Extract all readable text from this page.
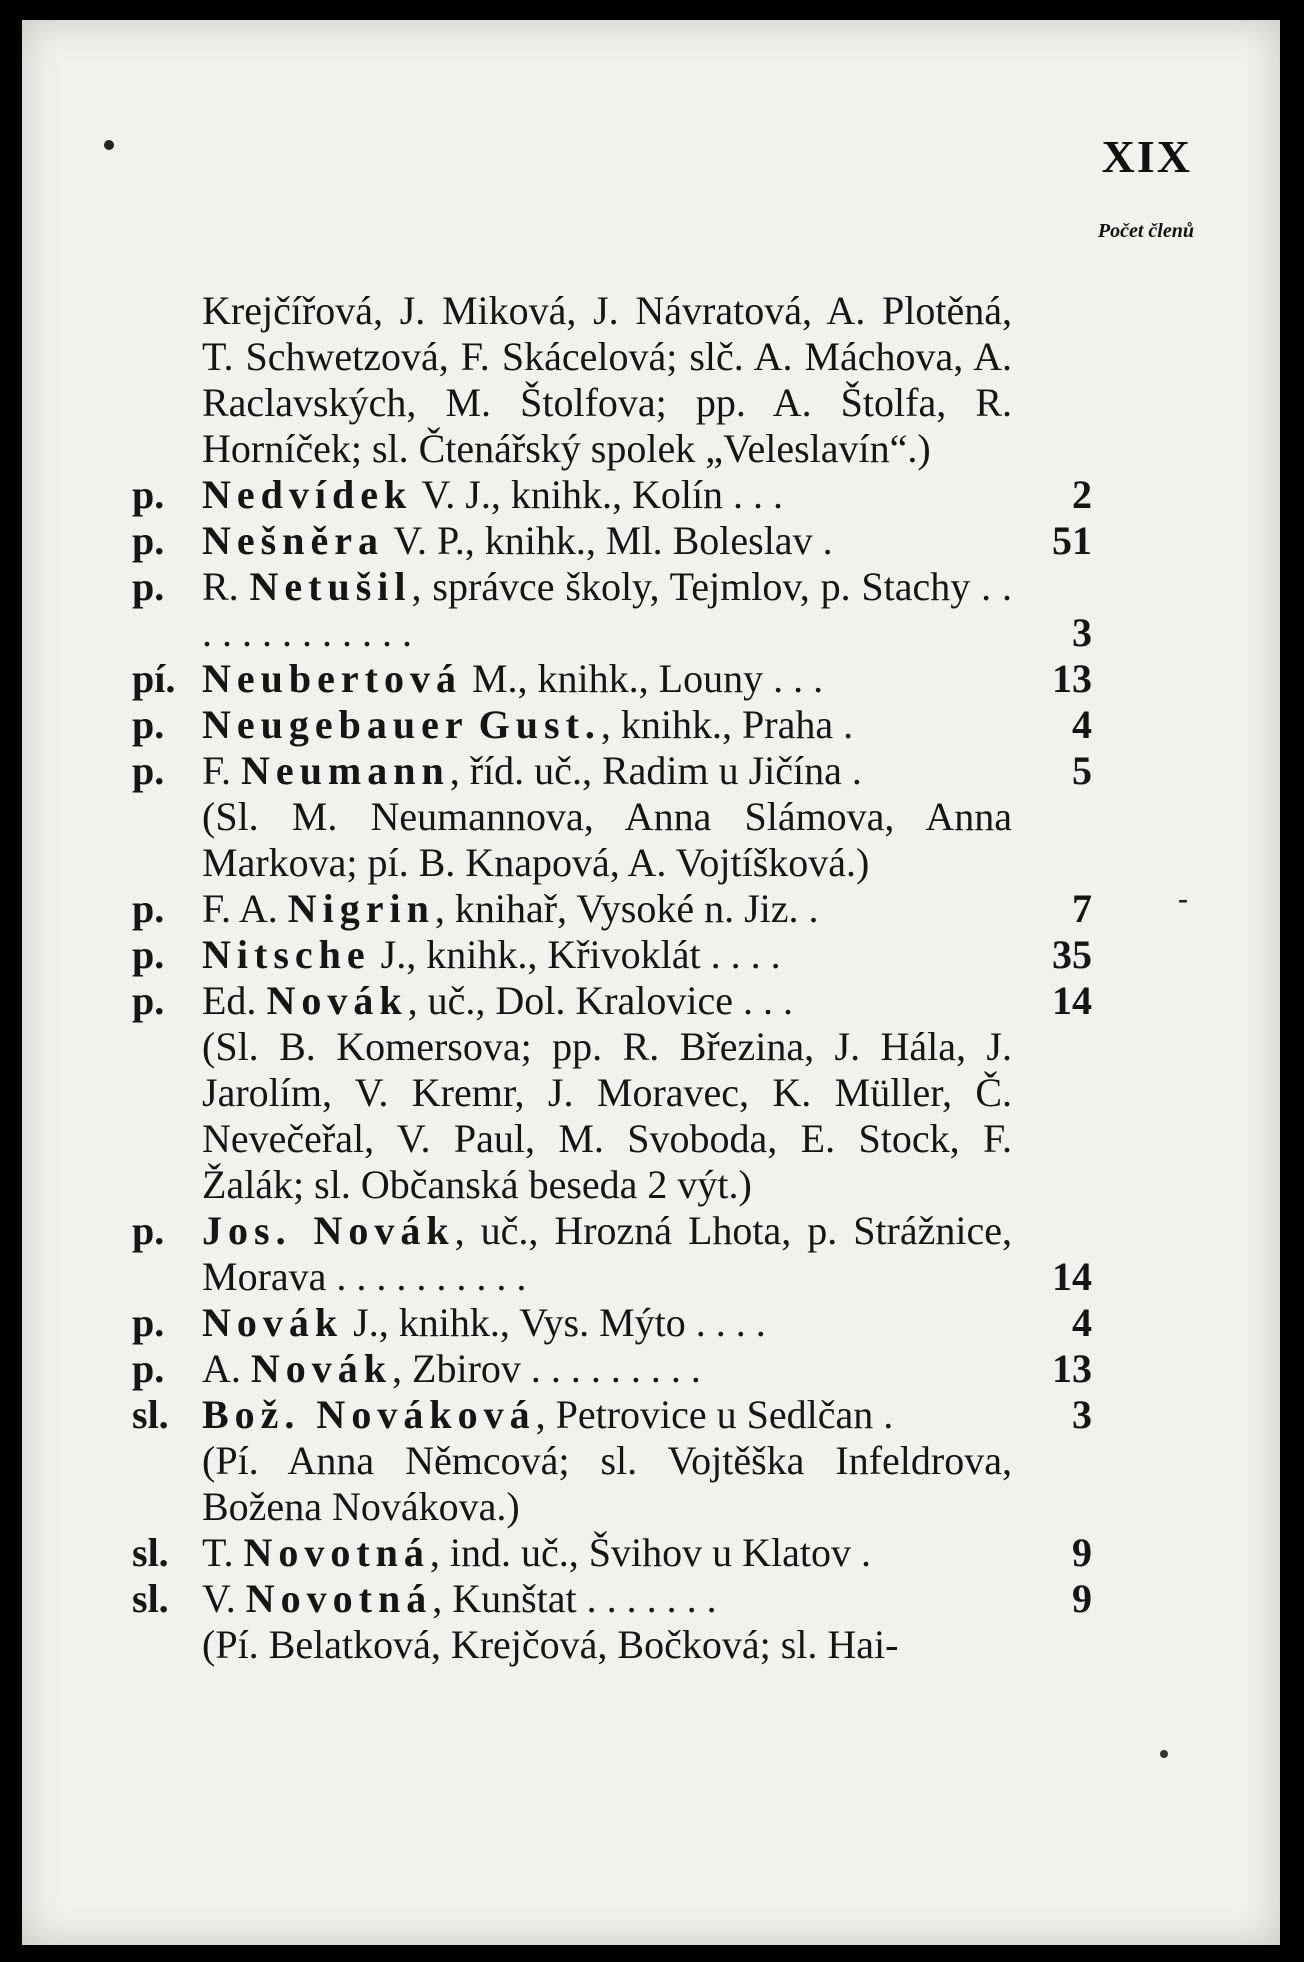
XIX
Počet členů
Krejčířová, J. Miková, J. Návratová, A. Plotěná, T. Schwetzová, F. Skácelová; slč. A. Máchova, A. Raclavských, M. Štolfova; pp. A. Štolfa, R. Horníček; sl. Čtenářský spolek „Veleslavín“.)
p. Nedvídek V. J., knihk., Kolín . . .	2
p. Nešněra V. P., knihk., Ml. Boleslav .	51
p. R. Netušil, správce školy, Tejmlov, p. Stachy . . . . . . . . . . . . .	3
pí. Neubertová M., knihk., Louny . . .	13
p. Neugebauer Gust., knihk., Praha .	4
p. F. Neumann, říd. uč., Radim u Jičína .	5
(Sl. M. Neumannova, Anna Slámova, Anna Markova; pí. B. Knapová, A. Vojtíšková.)
p. F. A. Nigrin, knihař, Vysoké n. Jiz. .	7
p. Nitsche J., knihk., Křivoklát . . . .	35
p. Ed. Novák, uč., Dol. Kralovice . . .	14
(Sl. B. Komersova; pp. R. Březina, J. Hála, J. Jarolím, V. Kremr, J. Moravec, K. Müller, Č. Nevečeřal, V. Paul, M. Svoboda, E. Stock, F. Žalák; sl. Občanská beseda 2 výt.)
p. Jos. Novák, uč., Hrozná Lhota, p. Strážnice, Morava . . . . . . . . . .	14
p. Novák J., knihk., Vys. Mýto . . . .	4
p. A. Novák, Zbirov . . . . . . . . .	13
sl. Bož. Nováková, Petrovice u Sedlčan .	3
(Pí. Anna Němcová; sl. Vojtěška Infeldrova, Božena Novákova.)
sl. T. Novotná, ind. uč., Švihov u Klatov .	9
sl. V. Novotná, Kunštat . . . . . . .	9
(Pí. Belatková, Krejčová, Bočková; sl. Hai-
-
